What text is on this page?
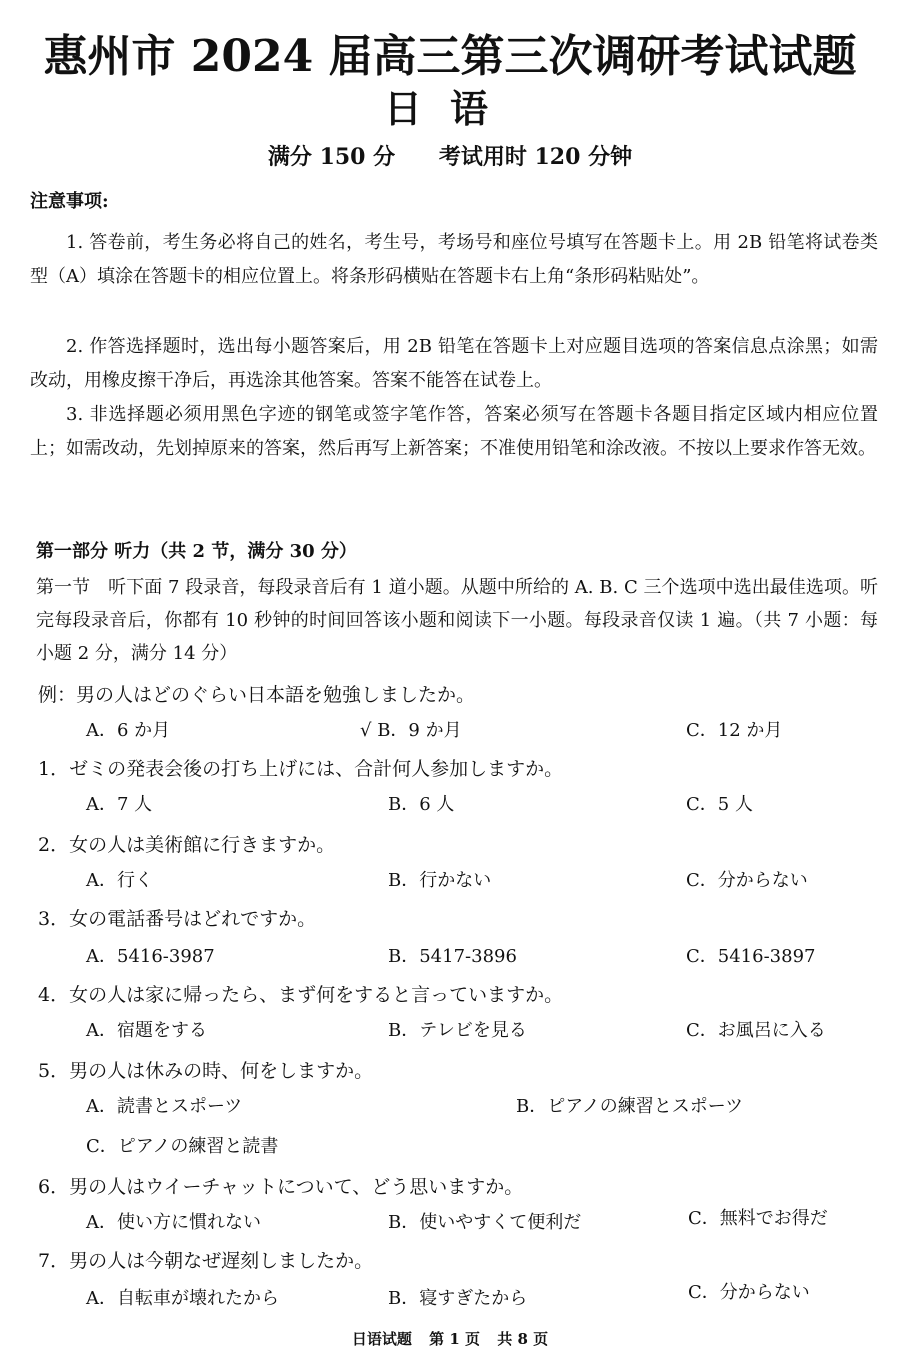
惠州市 2024 届高三第三次调研考试试题
日语
满分 150 分 考试用时 120 分钟
注意事项:
1. 答卷前，考生务必将自己的姓名，考生号，考场号和座位号填写在答题卡上。用 2B 铅笔将试卷类型（A）填涂在答题卡的相应位置上。将条形码横贴在答题卡右上角“条形码粘贴处”。
2. 作答选择题时，选出每小题答案后，用 2B 铅笔在答题卡上对应题目选项的答案信息点涂黑；如需改动，用橡皮擦干净后，再选涂其他答案。答案不能答在试卷上。
3. 非选择题必须用黑色字迹的钢笔或签字笔作答，答案必须写在答题卡各题目指定区域内相应位置上；如需改动，先划掉原来的答案，然后再写上新答案；不准使用铅笔和涂改液。不按以上要求作答无效。
第一部分 听力（共 2 节，满分 30 分）
第一节　听下面 7 段录音，每段录音后有 1 道小题。从题中所给的 A. B. C 三个选项中选出最佳选项。听完每段录音后，你都有 10 秒钟的时间回答该小题和阅读下一小题。每段录音仅读 1 遍。（共 7 小题：每小题 2 分，满分 14 分）
例：男の人はどのぐらい日本語を勉強しましたか。
A．6 か月	√ B．9 か月	C．12 か月
1．ゼミの発表会後の打ち上げには、合計何人参加しますか。
A．7 人	B．6 人	C．5 人
2．女の人は美術館に行きますか。
A．行く	B．行かない	C．分からない
3．女の電話番号はどれですか。
A．5416-3987	B．5417-3896	C．5416-3897
4．女の人は家に帰ったら、まず何をすると言っていますか。
A．宿題をする	B．テレビを見る	C．お風呂に入る
5．男の人は休みの時、何をしますか。
A．読書とスポーツ	B．ピアノの練習とスポーツ
C．ピアノの練習と読書
6．男の人はウイーチャットについて、どう思いますか。
A．使い方に慣れない	B．使いやすくて便利だ	C．無料でお得だ
7．男の人は今朝なぜ遅刻しましたか。
A．自転車が壊れたから	B．寝すぎたから	C．分からない
日语试题 第 1 页 共 8 页
